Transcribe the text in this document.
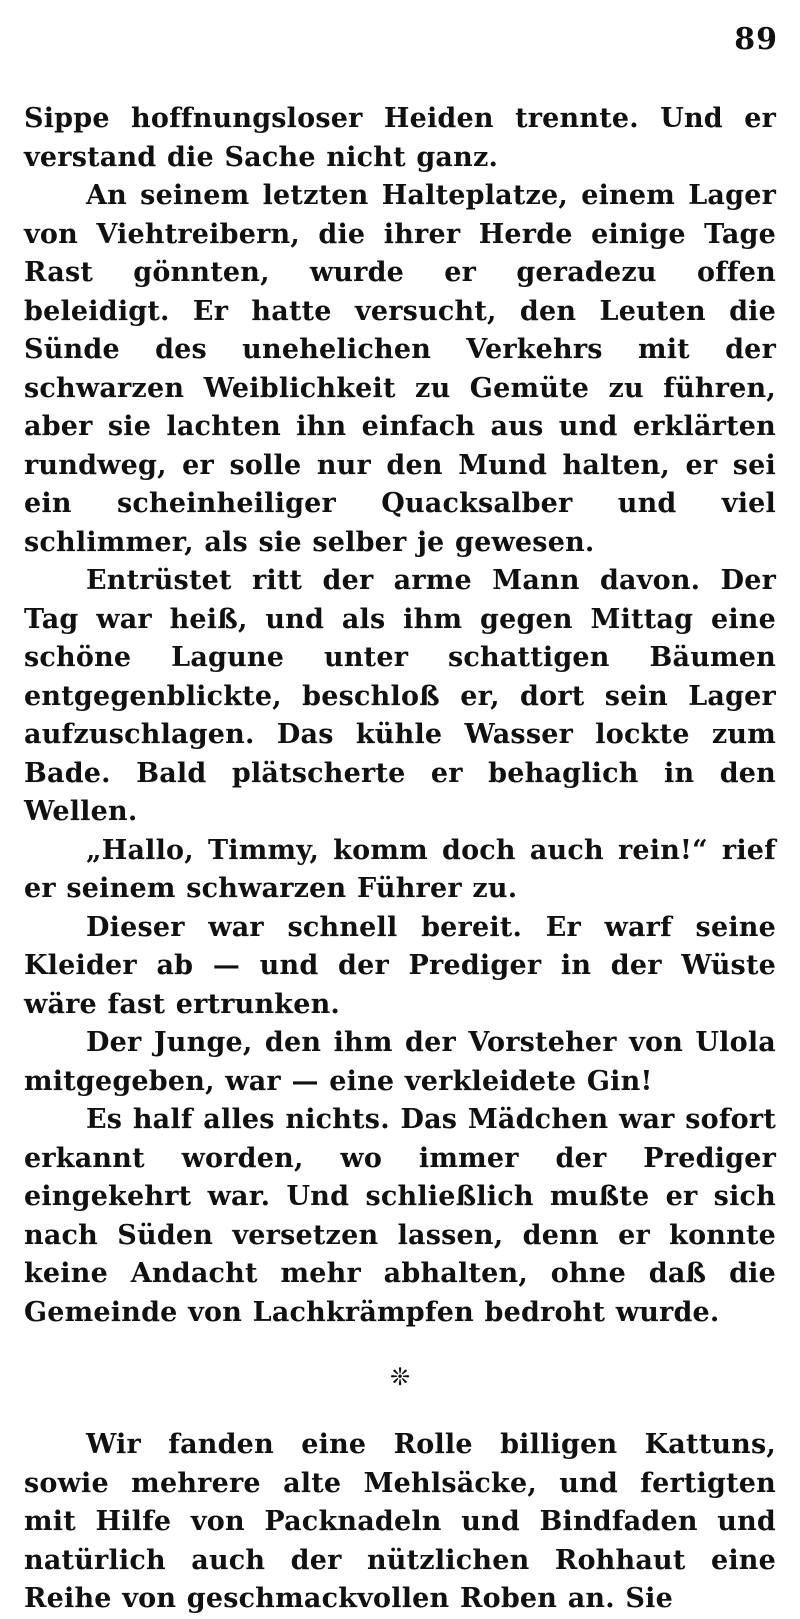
89

Sippe hoffnungsloser Heiden trennte. Und er verstand die Sache nicht ganz.

An seinem letzten Halteplatze, einem Lager von Viehtreibern, die ihrer Herde einige Tage Rast gönnten, wurde er geradezu offen beleidigt. Er hatte versucht, den Leuten die Sünde des unehelichen Verkehrs mit der schwarzen Weiblichkeit zu Gemüte zu führen, aber sie lachten ihn einfach aus und erklärten rundweg, er solle nur den Mund halten, er sei ein scheinheiliger Quacksalber und viel schlimmer, als sie selber je gewesen.

Entrüstet ritt der arme Mann davon. Der Tag war heiß, und als ihm gegen Mittag eine schöne Lagune unter schattigen Bäumen entgegenblickte, beschloß er, dort sein Lager aufzuschlagen. Das kühle Wasser lockte zum Bade. Bald plätscherte er behaglich in den Wellen.

„Hallo, Timmy, komm doch auch rein!“ rief er seinem schwarzen Führer zu.

Dieser war schnell bereit. Er warf seine Kleider ab — und der Prediger in der Wüste wäre fast ertrunken.

Der Junge, den ihm der Vorsteher von Ulola mitgegeben, war — eine verkleidete Gin!

Es half alles nichts. Das Mädchen war sofort erkannt worden, wo immer der Prediger eingekehrt war. Und schließlich mußte er sich nach Süden versetzen lassen, denn er konnte keine Andacht mehr abhalten, ohne daß die Gemeinde von Lachkrämpfen bedroht wurde.

❊

Wir fanden eine Rolle billigen Kattuns, sowie mehrere alte Mehlsäcke, und fertigten mit Hilfe von Packnadeln und Bindfaden und natürlich auch der nützlichen Rohhaut eine Reihe von geschmackvollen Roben an. Sie
